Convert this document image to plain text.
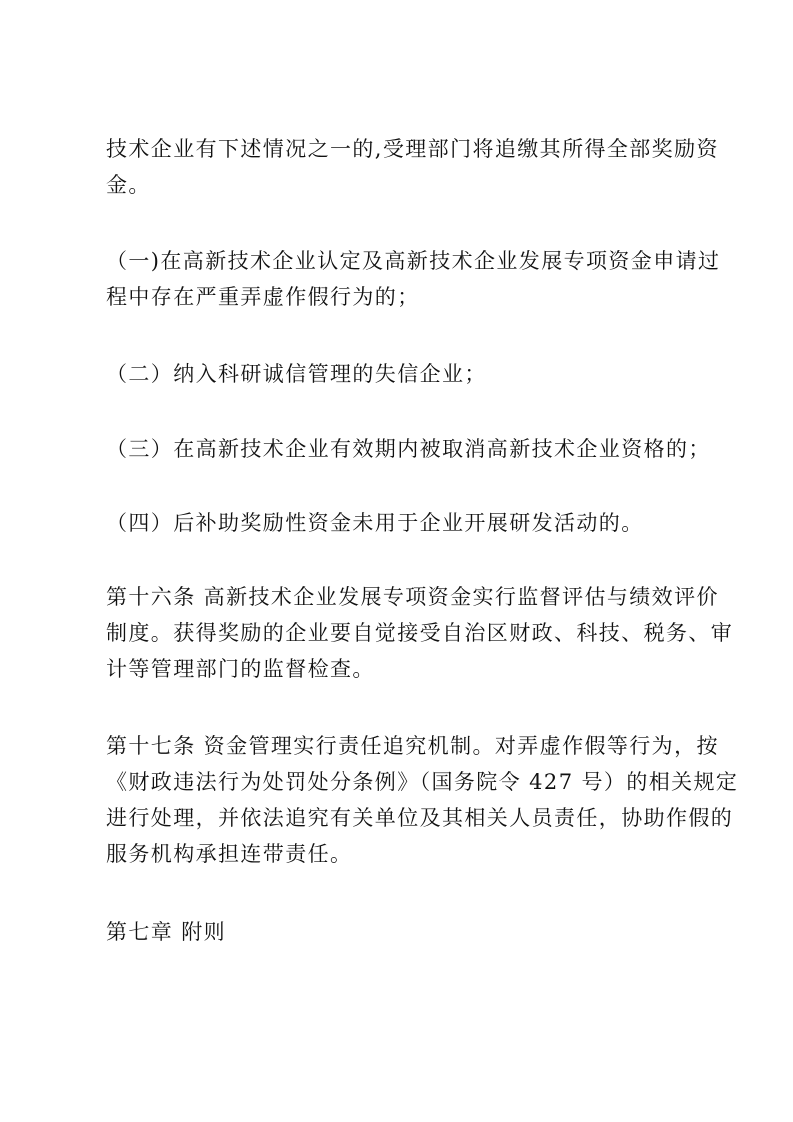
技术企业有下述情况之一的,受理部门将追缴其所得全部奖励资
金。

（一)在高新技术企业认定及高新技术企业发展专项资金申请过
程中存在严重弄虚作假行为的；

（二）纳入科研诚信管理的失信企业；

（三）在高新技术企业有效期内被取消高新技术企业资格的；

（四）后补助奖励性资金未用于企业开展研发活动的。

第十六条 高新技术企业发展专项资金实行监督评估与绩效评价
制度。获得奖励的企业要自觉接受自治区财政、科技、税务、审
计等管理部门的监督检查。

第十七条 资金管理实行责任追究机制。对弄虚作假等行为，按
《财政违法行为处罚处分条例》（国务院令 427 号）的相关规定
进行处理，并依法追究有关单位及其相关人员责任，协助作假的
服务机构承担连带责任。

第七章 附则
